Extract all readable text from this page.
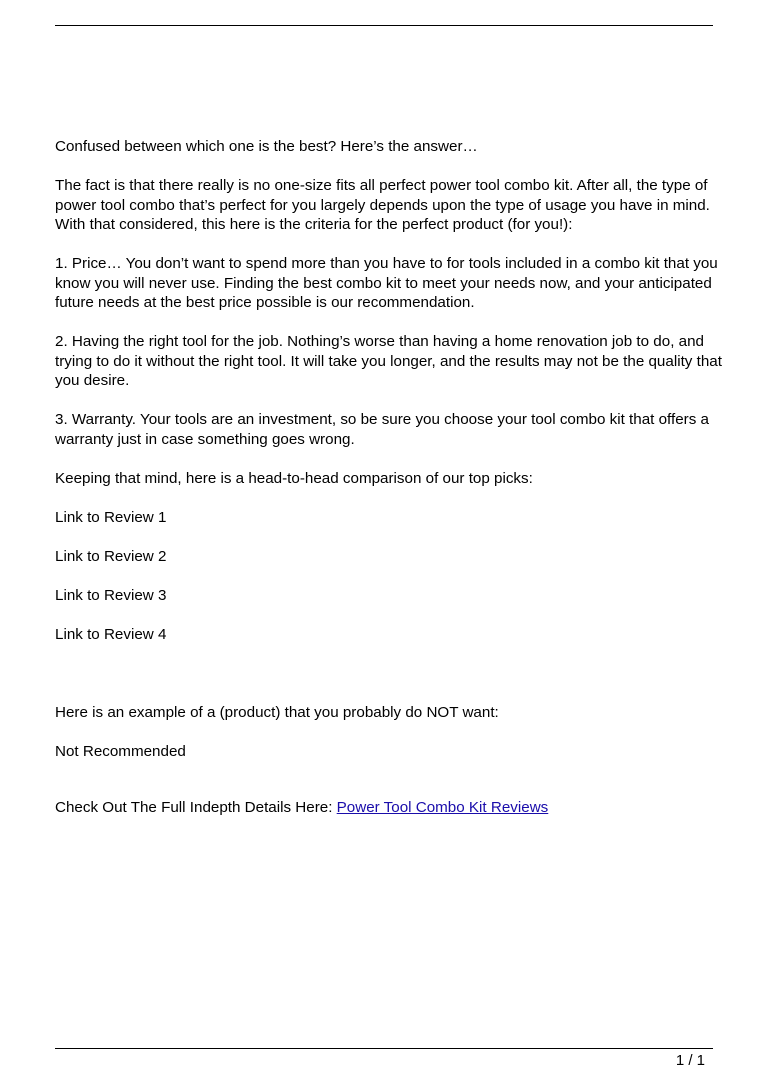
Confused between which one is the best? Here’s the answer…

The fact is that there really is no one-size fits all perfect power tool combo kit. After all, the type of power tool combo that’s perfect for you largely depends upon the type of usage you have in mind. With that considered, this here is the criteria for the perfect product (for you!):

1. Price… You don’t want to spend more than you have to for tools included in a combo kit that you know you will never use. Finding the best combo kit to meet your needs now, and your anticipated future needs at the best price possible is our recommendation.

2. Having the right tool for the job. Nothing’s worse than having a home renovation job to do, and trying to do it without the right tool. It will take you longer, and the results may not be the quality that you desire.

3. Warranty. Your tools are an investment, so be sure you choose your tool combo kit that offers a warranty just in case something goes wrong.

Keeping that mind, here is a head-to-head comparison of our top picks:

Link to Review 1

Link to Review 2

Link to Review 3

Link to Review 4

Here is an example of a (product) that you probably do NOT want:

Not Recommended

Check Out The Full Indepth Details Here: Power Tool Combo Kit Reviews

1 / 1
